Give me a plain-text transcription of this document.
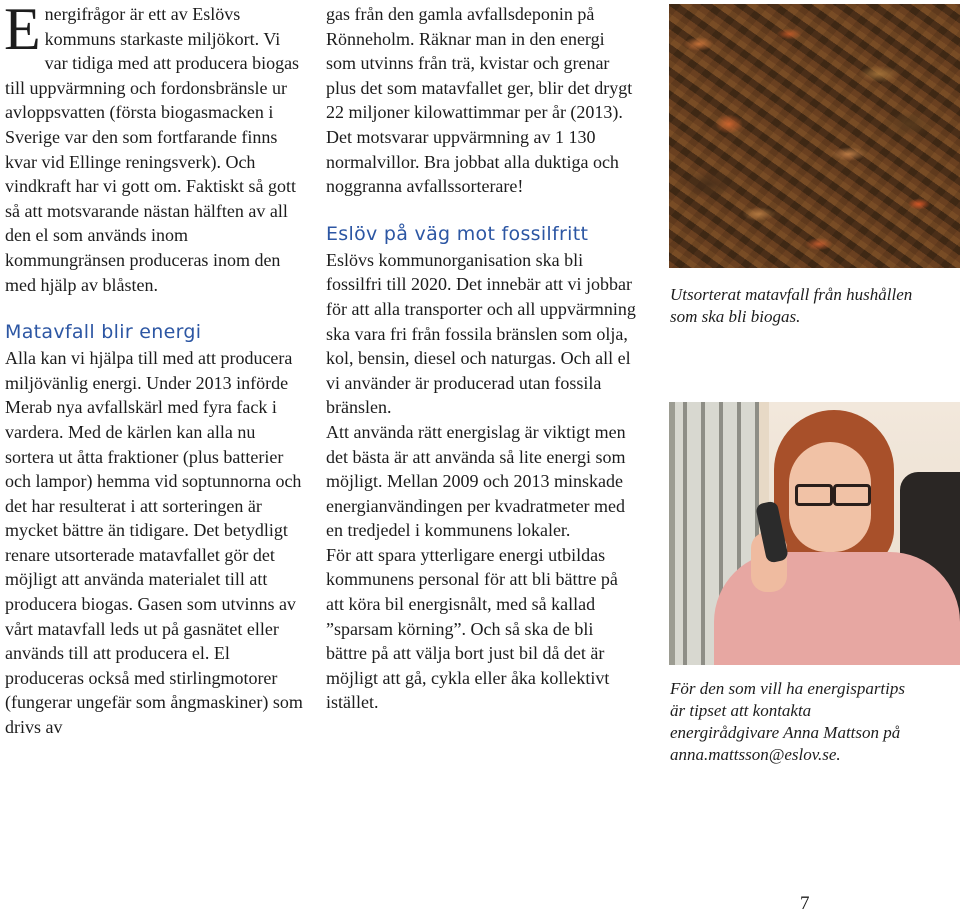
Energifrågor är ett av Eslövs kommuns starkaste miljökort. Vi var tidiga med att producera biogas till uppvärmning och fordonsbränsle ur avloppsvatten (första biogasmacken i Sverige var den som fortfarande finns kvar vid Ellinge reningsverk). Och vindkraft har vi gott om. Faktiskt så gott så att motsvarande nästan hälften av all den el som används inom kommungränsen produceras inom den med hjälp av blåsten.

Matavfall blir energi

Alla kan vi hjälpa till med att producera miljövänlig energi. Under 2013 införde Merab nya avfallskärl med fyra fack i vardera. Med de kärlen kan alla nu sortera ut åtta fraktioner (plus batterier och lampor) hemma vid soptunnorna och det har resulterat i att sorteringen är mycket bättre än tidigare. Det betydligt renare utsorterade matavfallet gör det möjligt att använda materialet till att producera biogas. Gasen som utvinns av vårt matavfall leds ut på gasnätet eller används till att producera el. El produceras också med stirlingmotorer (fungerar ungefär som ångmaskiner) som drivs av

gas från den gamla avfallsdeponin på Rönneholm. Räknar man in den energi som utvinns från trä, kvistar och grenar plus det som matavfallet ger, blir det drygt 22 miljoner kilowattimmar per år (2013). Det motsvarar uppvärmning av 1 130 normalvillor. Bra jobbat alla duktiga och noggranna avfallssorterare!

Eslöv på väg mot fossilfritt

Eslövs kommunorganisation ska bli fossilfri till 2020. Det innebär att vi jobbar för att alla transporter och all uppvärmning ska vara fri från fossila bränslen som olja, kol, bensin, diesel och naturgas. Och all el vi använder är producerad utan fossila bränslen.

Att använda rätt energislag är viktigt men det bästa är att använda så lite energi som möjligt. Mellan 2009 och 2013 minskade energianvändingen per kvadratmeter med en tredjedel i kommunens lokaler.

För att spara ytterligare energi utbildas kommunens personal för att bli bättre på att köra bil energisnålt, med så kallad ”sparsam körning”. Och så ska de bli bättre på att välja bort just bil då det är möjligt att gå, cykla eller åka kollektivt istället.

Utsorterat matavfall från hushållen som ska bli biogas.

För den som vill ha energispartips är tipset att kontakta energirådgivare Anna Mattson på anna.mattsson@eslov.se.

7
